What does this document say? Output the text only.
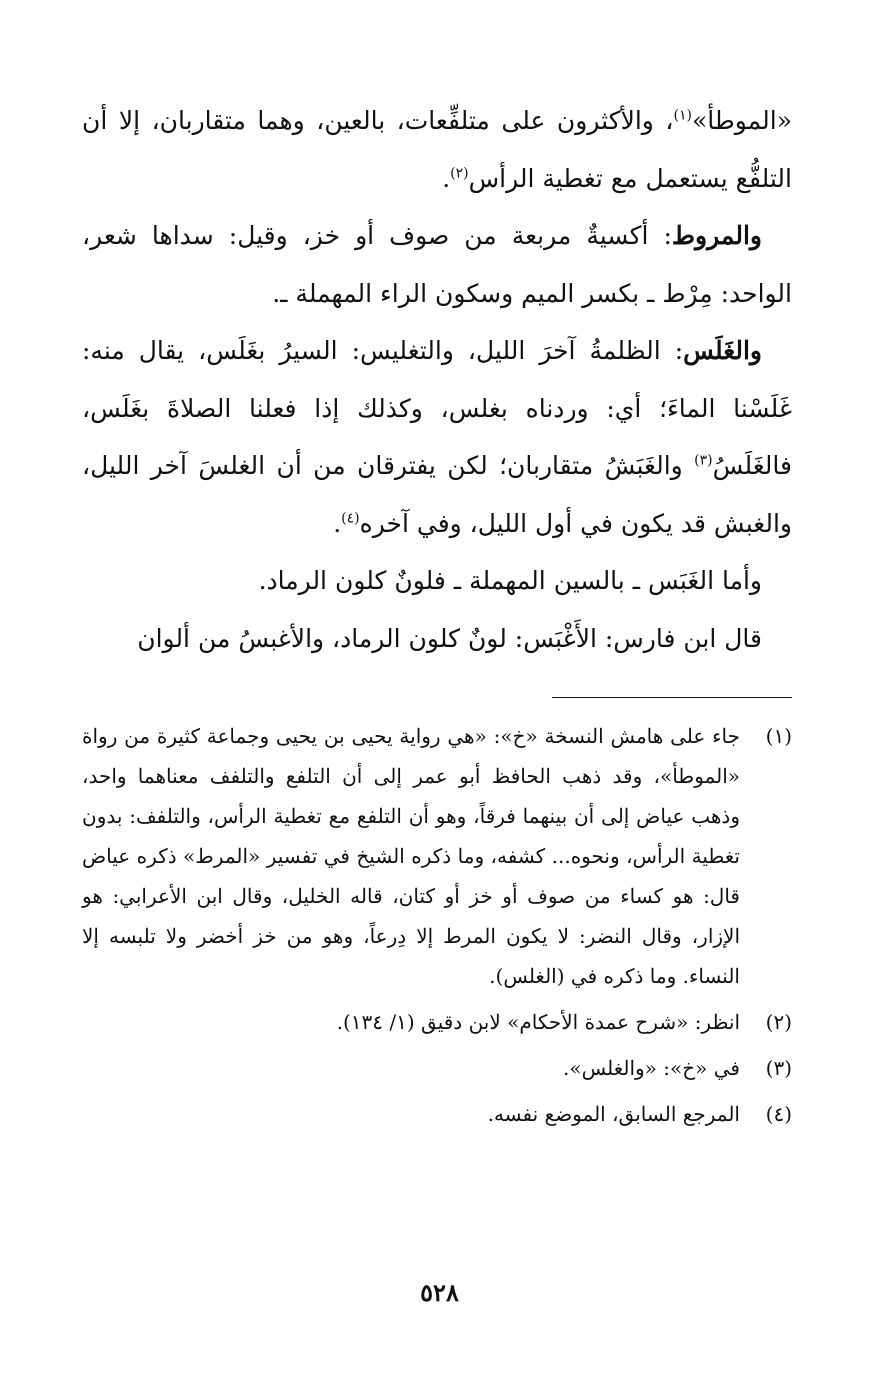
«الموطأ»$^{(١)}$، والأكثرون على متلفِّعات، بالعين، وهما متقاربان، إلا أن التلفُّع يستعمل مع تغطية الرأس$^{(٢)}$.

والمروط: أكسيةٌ مربعة من صوف أو خز، وقيل: سداها شعر، الواحد: مِرْط ـ بكسر الميم وسكون الراء المهملة ـ.

والغَلَس: الظلمةُ آخرَ الليل، والتغليس: السيرُ بغَلَس، يقال منه: غَلَسْنا الماءَ؛ أي: وردناه بغلس، وكذلك إذا فعلنا الصلاةَ بغَلَس، فالغَلَسُ$^{(٣)}$ والغَبَشُ متقاربان؛ لكن يفترقان من أن الغلسَ آخر الليل، والغبش قد يكون في أول الليل، وفي آخره$^{(٤)}$.

وأما الغَبَس ـ بالسين المهملة ـ فلونٌ كلون الرماد.

قال ابن فارس: الأَغْبَس: لونٌ كلون الرماد، والأغبسُ من ألوان

(١)
جاء على هامش النسخة «خ»: «هي رواية يحيى بن يحيى وجماعة كثيرة من رواة «الموطأ»، وقد ذهب الحافظ أبو عمر إلى أن التلفع والتلفف معناهما واحد، وذهب عياض إلى أن بينهما فرقاً، وهو أن التلفع مع تغطية الرأس، والتلفف: بدون تغطية الرأس، ونحوه... كشفه، وما ذكره الشيخ في تفسير «المرط» ذكره عياض قال: هو كساء من صوف أو خز أو كتان، قاله الخليل، وقال ابن الأعرابي: هو الإزار، وقال النضر: لا يكون المرط إلا دِرعاً، وهو من خز أخضر ولا تلبسه إلا النساء. وما ذكره في (الغلس).
(٢)
انظر: «شرح عمدة الأحكام» لابن دقيق (١/ ١٣٤).
(٣)
في «خ»: «والغلس».
(٤)
المرجع السابق، الموضع نفسه.
٥٢٨
